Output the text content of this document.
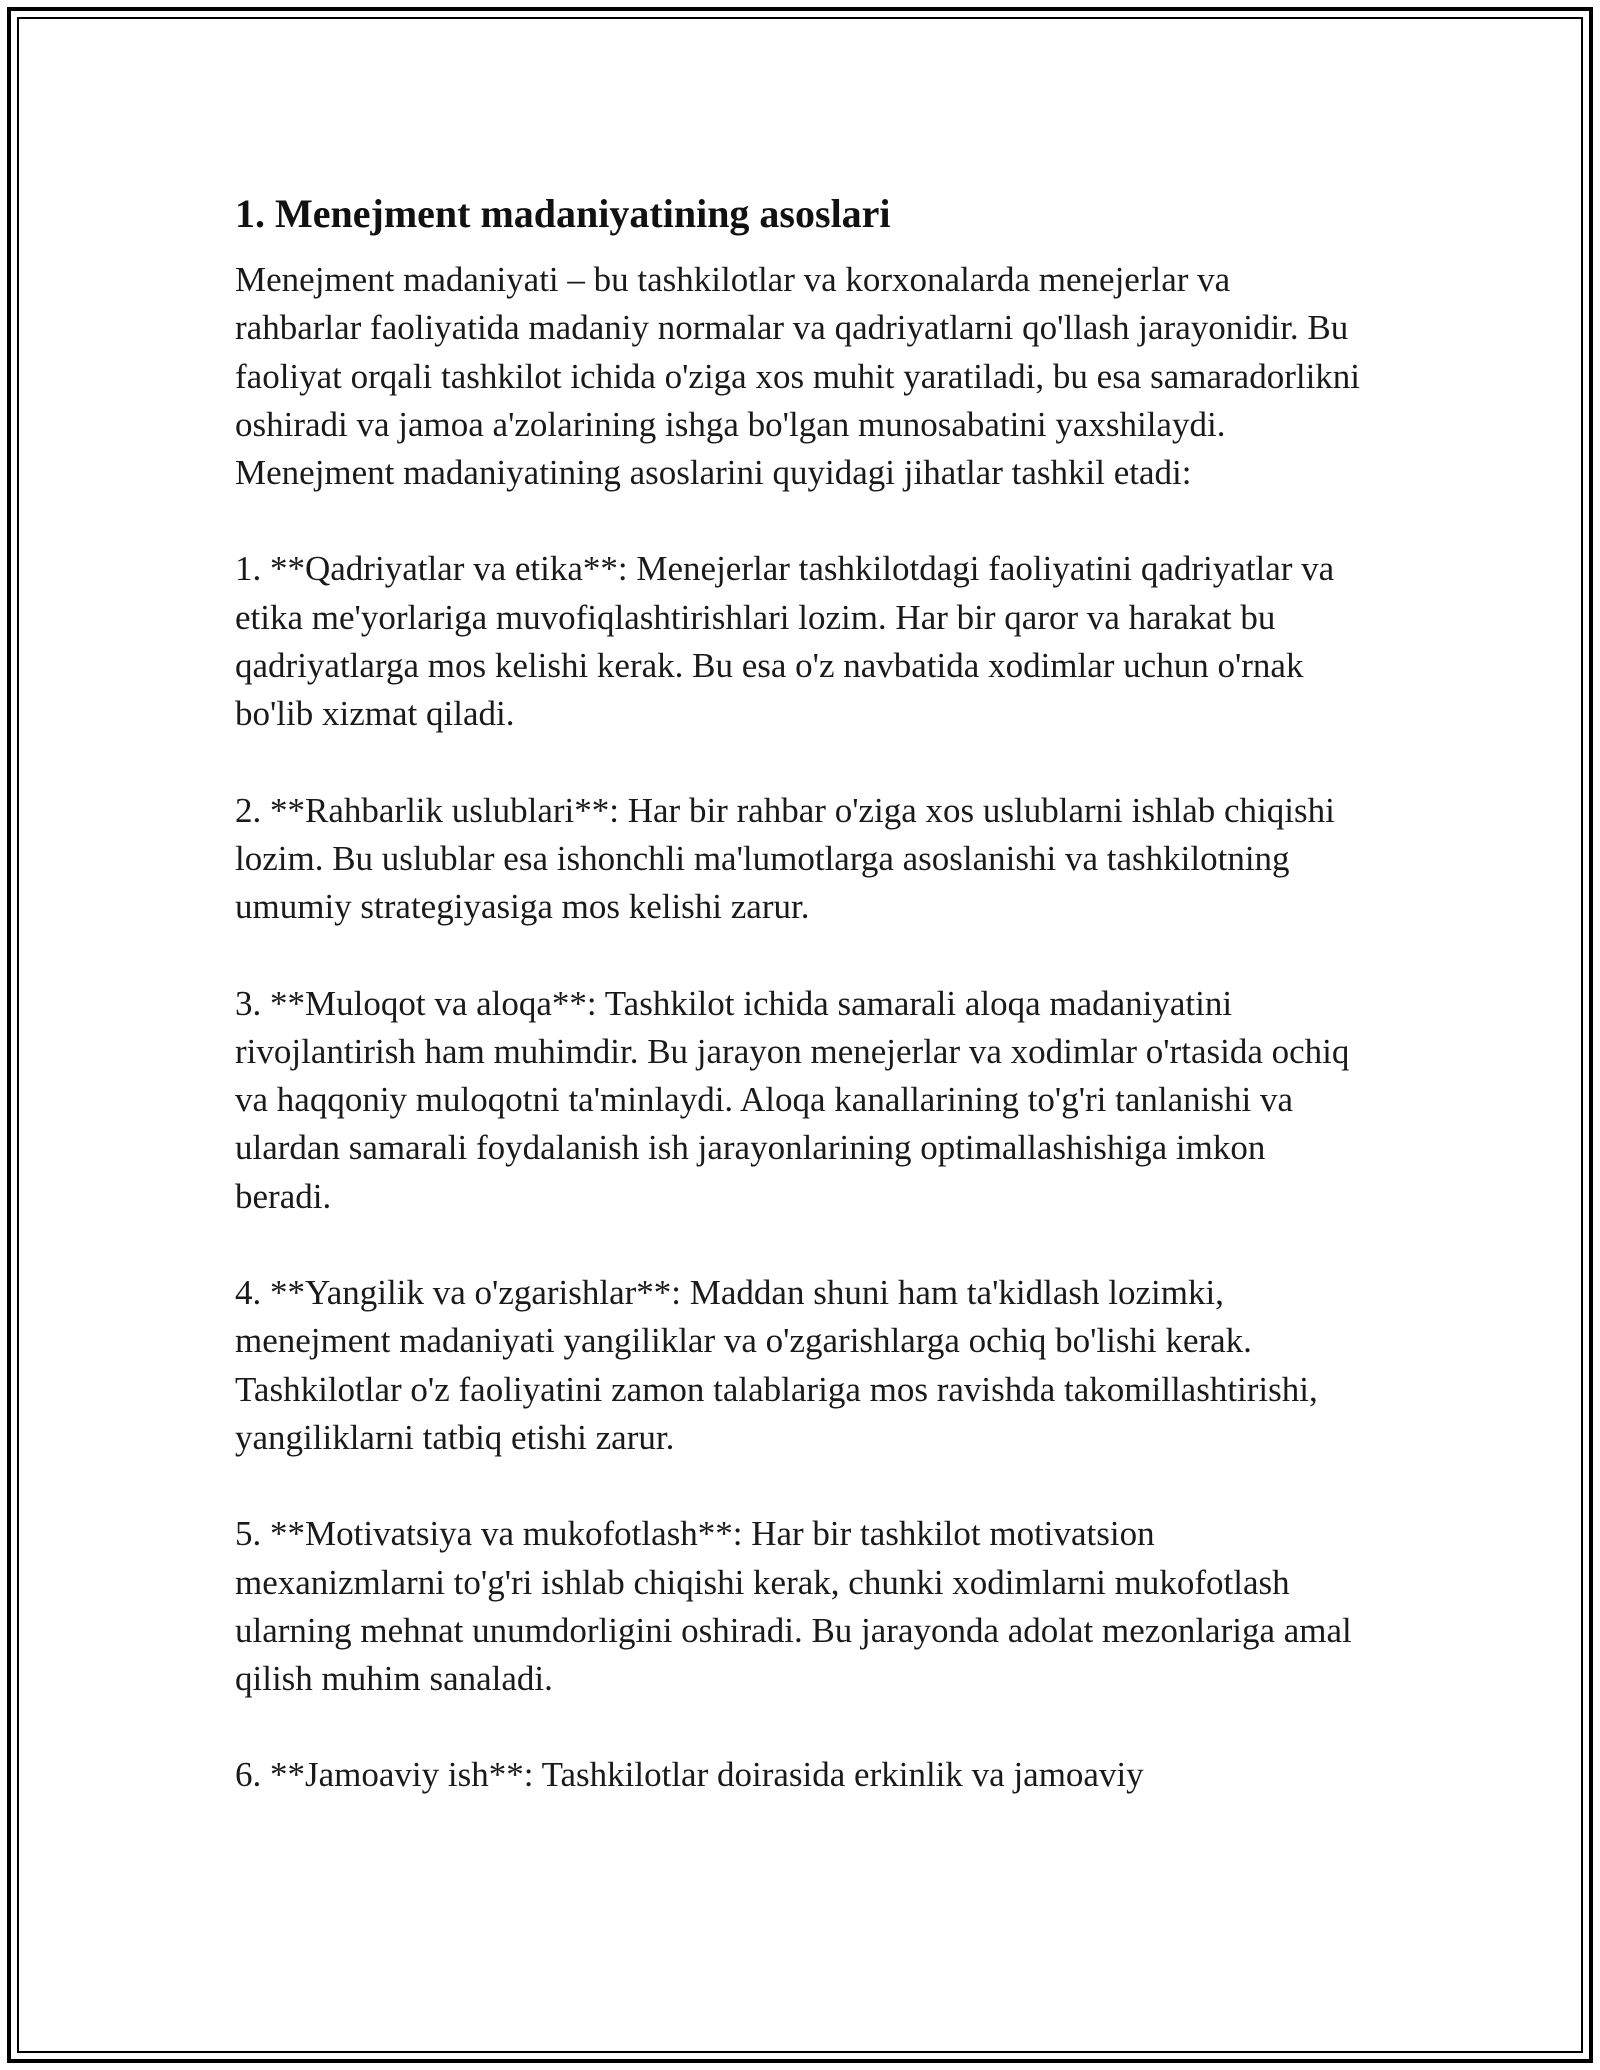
1. Menejment madaniyatining asoslari
Menejment madaniyati – bu tashkilotlar va korxonalarda menejerlar va rahbarlar faoliyatida madaniy normalar va qadriyatlarni qo'llash jarayonidir. Bu faoliyat orqali tashkilot ichida o'ziga xos muhit yaratiladi, bu esa samaradorlikni oshiradi va jamoa a'zolarining ishga bo'lgan munosabatini yaxshilaydi. Menejment madaniyatining asoslarini quyidagi jihatlar tashkil etadi:
1. **Qadriyatlar va etika**: Menejerlar tashkilotdagi faoliyatini qadriyatlar va etika me'yorlariga muvofiqlashtirishlari lozim. Har bir qaror va harakat bu qadriyatlarga mos kelishi kerak. Bu esa o'z navbatida xodimlar uchun o'rnak bo'lib xizmat qiladi.
2. **Rahbarlik uslublari**: Har bir rahbar o'ziga xos uslublarni ishlab chiqishi lozim. Bu uslublar esa ishonchli ma'lumotlarga asoslanishi va tashkilotning umumiy strategiyasiga mos kelishi zarur.
3. **Muloqot va aloqa**: Tashkilot ichida samarali aloqa madaniyatini rivojlantirish ham muhimdir. Bu jarayon menejerlar va xodimlar o'rtasida ochiq va haqqoniy muloqotni ta'minlaydi. Aloqa kanallarining to'g'ri tanlanishi va ulardan samarali foydalanish ish jarayonlarining optimallashishiga imkon beradi.
4. **Yangilik va o'zgarishlar**: Maddan shuni ham ta'kidlash lozimki, menejment madaniyati yangiliklar va o'zgarishlarga ochiq bo'lishi kerak. Tashkilotlar o'z faoliyatini zamon talablariga mos ravishda takomillashtirishi, yangiliklarni tatbiq etishi zarur.
5. **Motivatsiya va mukofotlash**: Har bir tashkilot motivatsion mexanizmlarni to'g'ri ishlab chiqishi kerak, chunki xodimlarni mukofotlash ularning mehnat unumdorligini oshiradi. Bu jarayonda adolat mezonlariga amal qilish muhim sanaladi.
6. **Jamoaviy ish**: Tashkilotlar doirasida erkinlik va jamoaviy
